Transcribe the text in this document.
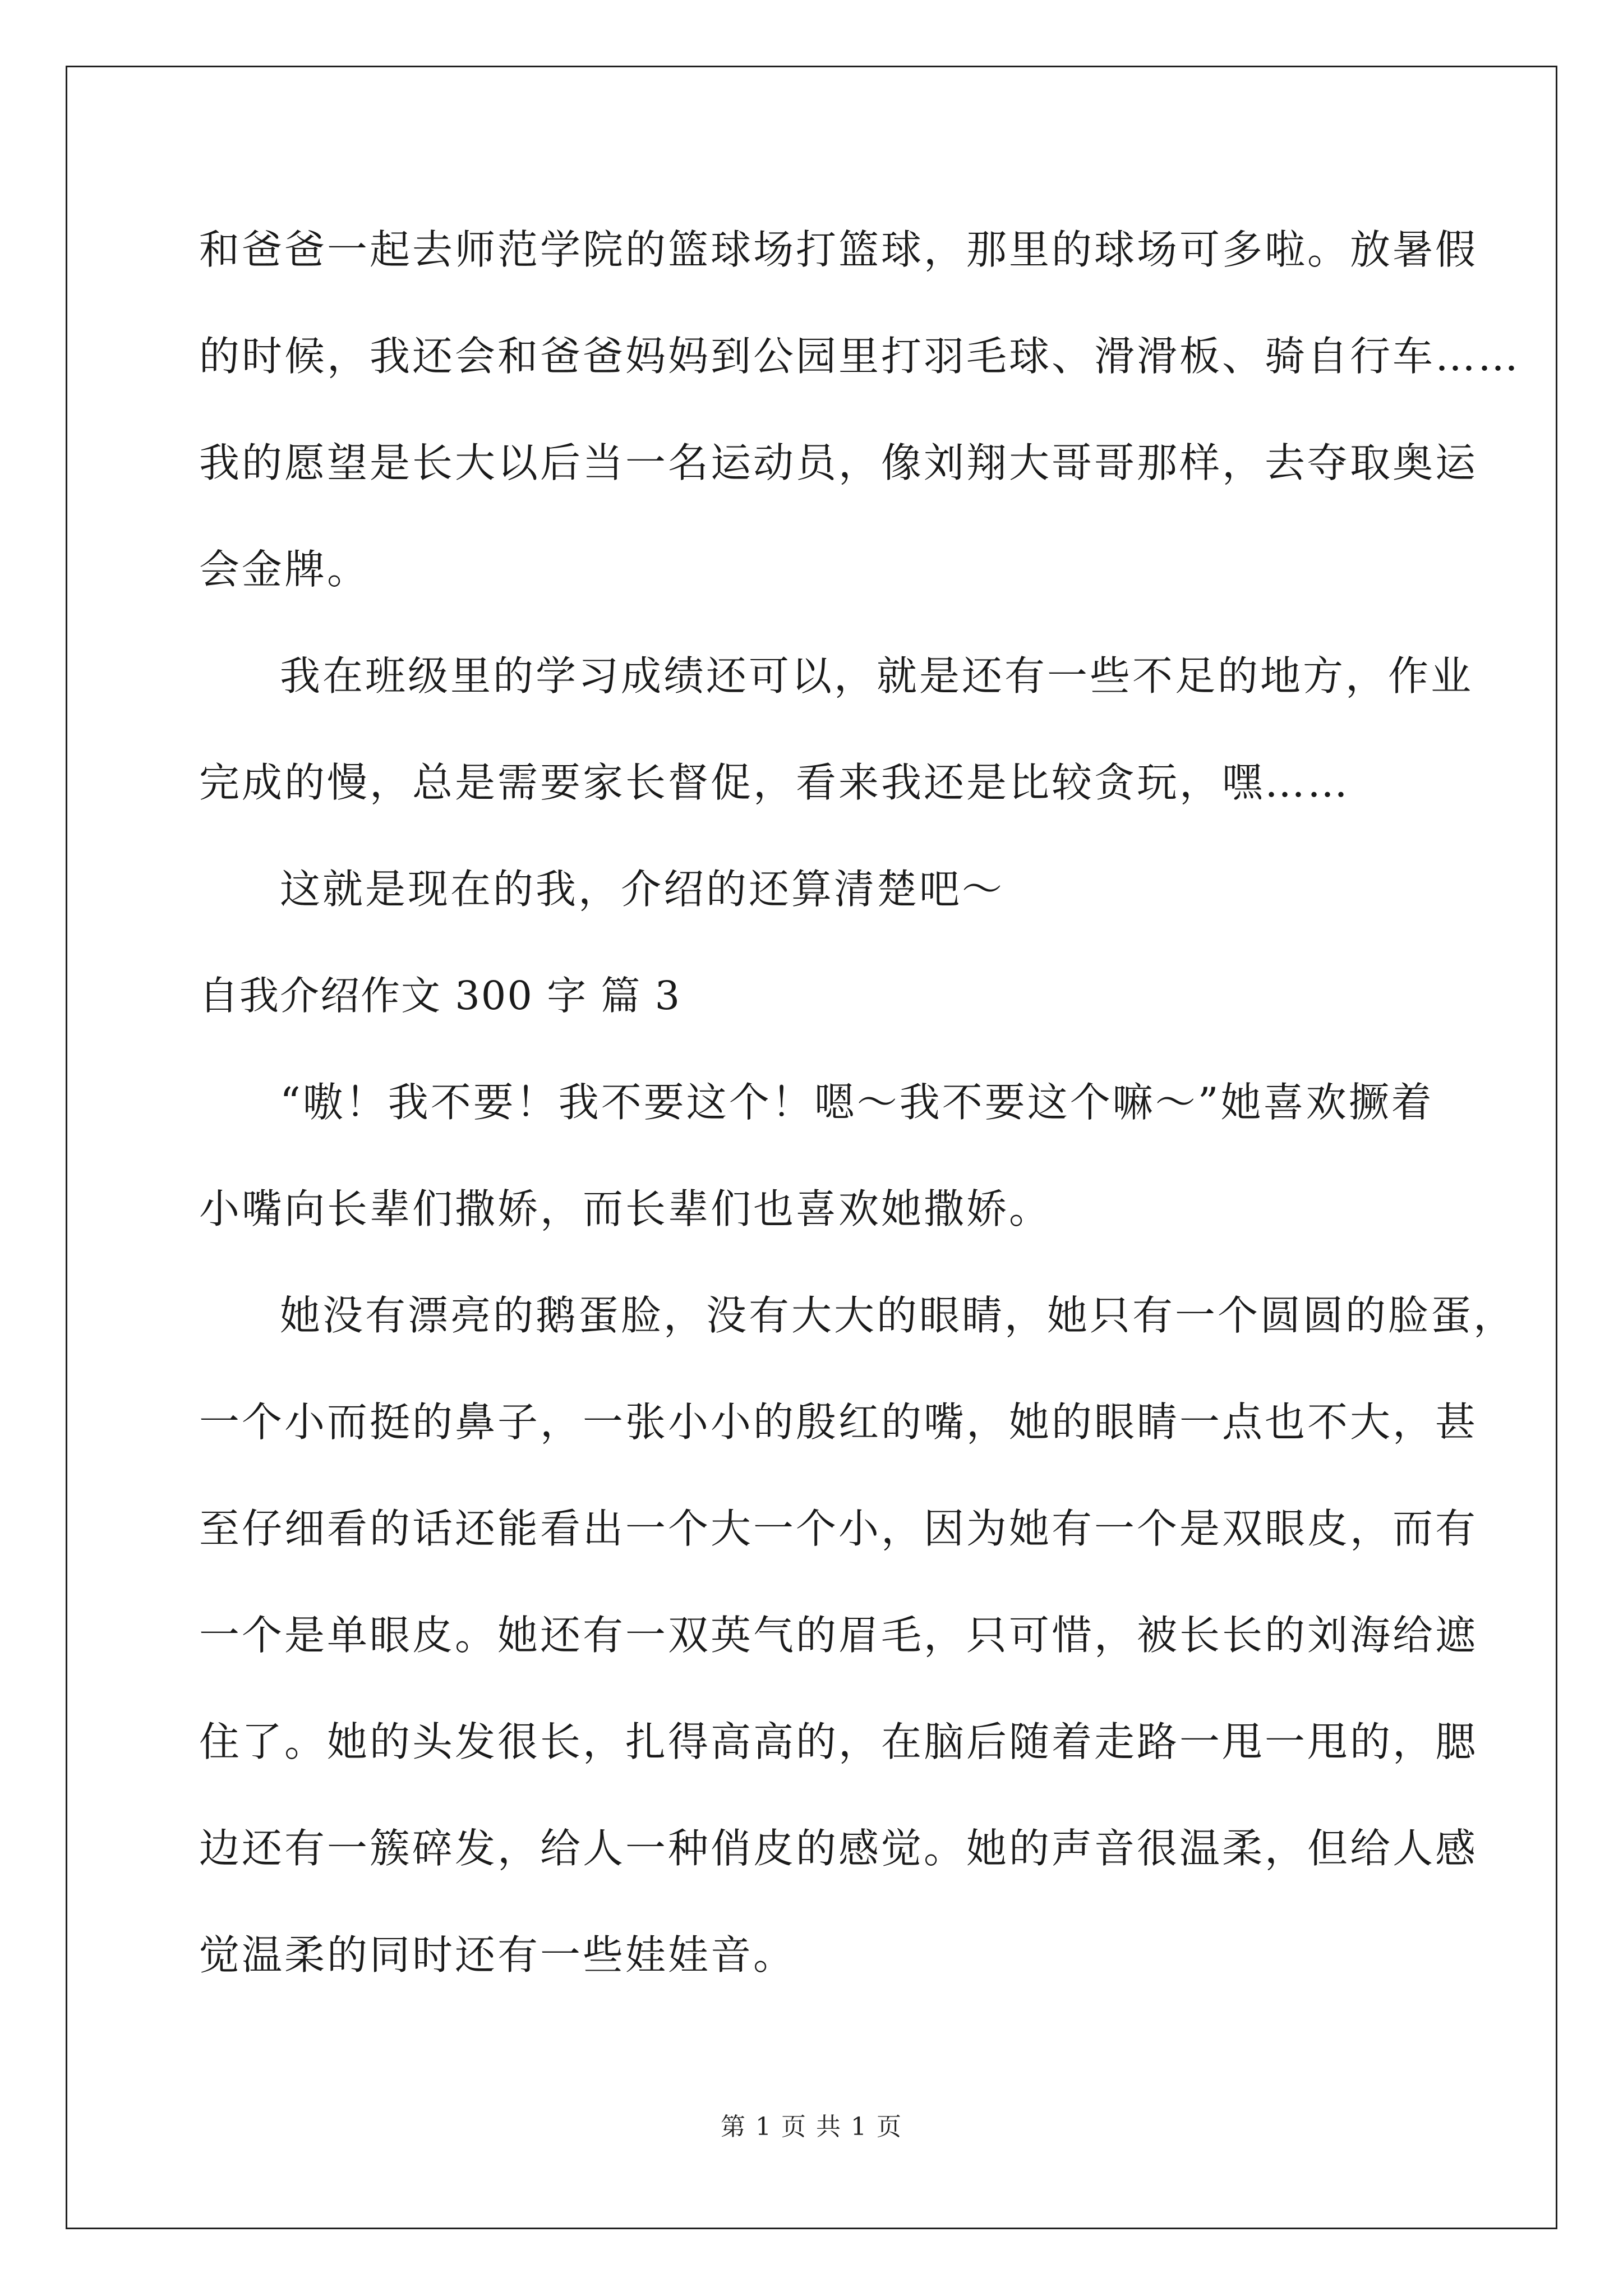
和爸爸一起去师范学院的篮球场打篮球，那里的球场可多啦。放暑假
的时候，我还会和爸爸妈妈到公园里打羽毛球、滑滑板、骑自行车……
我的愿望是长大以后当一名运动员，像刘翔大哥哥那样，去夺取奥运
会金牌。
我在班级里的学习成绩还可以，就是还有一些不足的地方，作业
完成的慢，总是需要家长督促，看来我还是比较贪玩，嘿……
这就是现在的我，介绍的还算清楚吧～
自我介绍作文 300 字 篇 3
“嗷！我不要！我不要这个！嗯～我不要这个嘛～”她喜欢撅着
小嘴向长辈们撒娇，而长辈们也喜欢她撒娇。
她没有漂亮的鹅蛋脸，没有大大的眼睛，她只有一个圆圆的脸蛋，
一个小而挺的鼻子，一张小小的殷红的嘴，她的眼睛一点也不大，甚
至仔细看的话还能看出一个大一个小，因为她有一个是双眼皮，而有
一个是单眼皮。她还有一双英气的眉毛，只可惜，被长长的刘海给遮
住了。她的头发很长，扎得高高的，在脑后随着走路一甩一甩的，腮
边还有一簇碎发，给人一种俏皮的感觉。她的声音很温柔，但给人感
觉温柔的同时还有一些娃娃音。
第 1 页 共 1 页
